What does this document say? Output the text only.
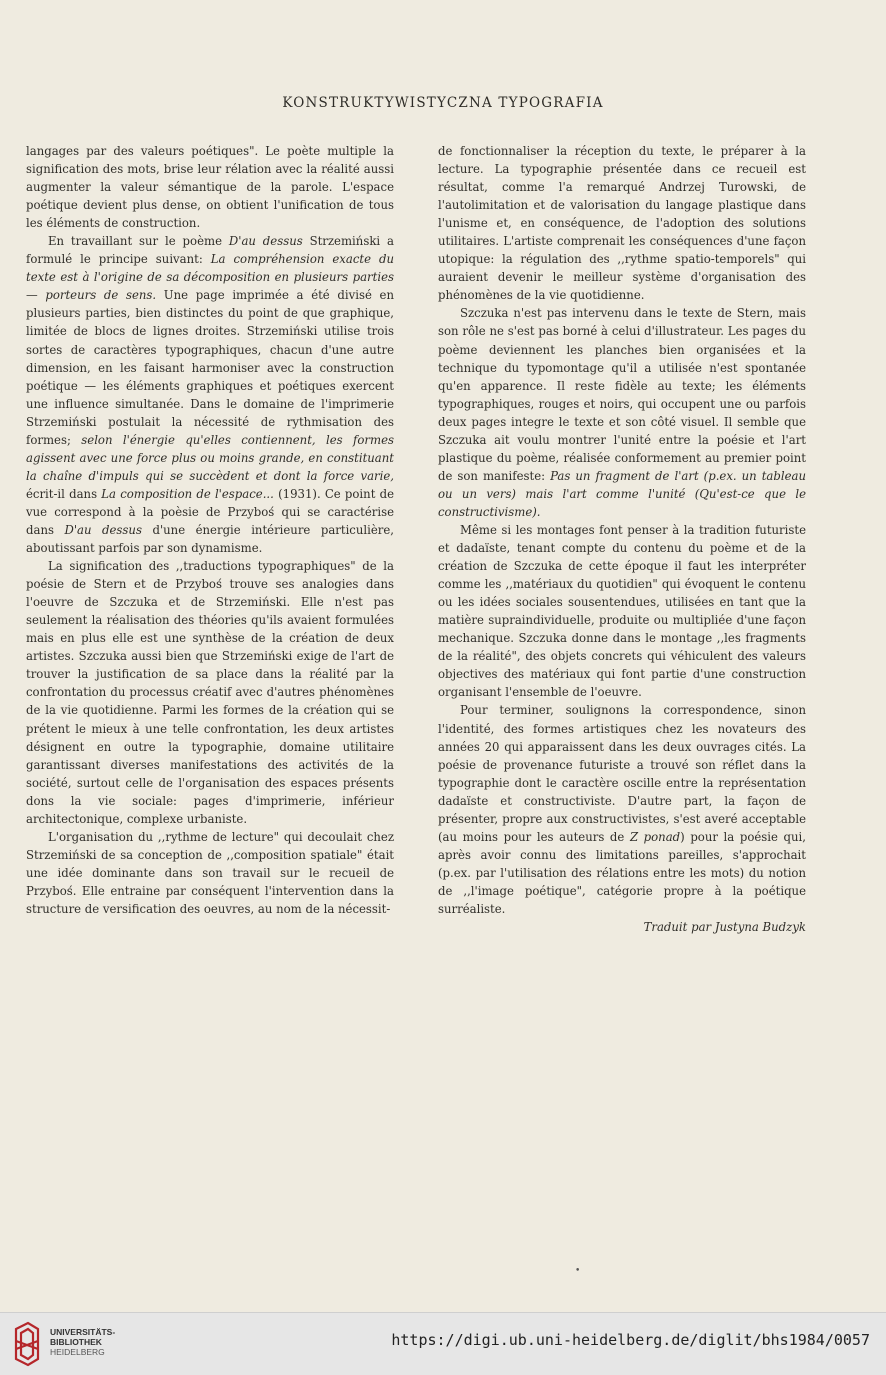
KONSTRUKTYWISTYCZNA TYPOGRAFIA

langages par des valeurs poétiques". Le poète multiple la signification des mots, brise leur rélation avec la réalité aussi augmenter la valeur sémantique de la parole. L'espace poétique devient plus dense, on obtient l'unification de tous les éléments de construction.

En travaillant sur le poème D'au dessus Strzemiński a formulé le principe suivant: La compréhension exacte du texte est à l'origine de sa décomposition en plusieurs parties — porteurs de sens. Une page imprimée a été divisé en plusieurs parties, bien distinctes du point de que graphique, limitée de blocs de lignes droites. Strzemiński utilise trois sortes de caractères typographiques, chacun d'une autre dimension, en les faisant harmoniser avec la construction poétique — les éléments graphiques et poétiques exercent une influence simultanée. Dans le domaine de l'imprimerie Strzemiński postulait la nécessité de rythmisation des formes; selon l'énergie qu'elles contiennent, les formes agissent avec une force plus ou moins grande, en constituant la chaîne d'impuls qui se succèdent et dont la force varie, écrit-il dans La composition de l'espace... (1931). Ce point de vue correspond à la poèsie de Przyboś qui se caractérise dans D'au dessus d'une énergie intérieure particulière, aboutissant parfois par son dynamisme.

La signification des ,,traductions typographiques" de la poésie de Stern et de Przyboś trouve ses analogies dans l'oeuvre de Szczuka et de Strzemiński. Elle n'est pas seulement la réalisation des théories qu'ils avaient formulées mais en plus elle est une synthèse de la création de deux artistes. Szczuka aussi bien que Strzemiński exige de l'art de trouver la justification de sa place dans la réalité par la confrontation du processus créatif avec d'autres phénomènes de la vie quotidienne. Parmi les formes de la création qui se prétent le mieux à une telle confrontation, les deux artistes désignent en outre la typographie, domaine utilitaire garantissant diverses manifestations des activités de la société, surtout celle de l'organisation des espaces présents dons la vie sociale: pages d'imprimerie, inférieur architectonique, complexe urbaniste.

L'organisation du ,,rythme de lecture" qui decoulait chez Strzemiński de sa conception de ,,composition spatiale" était une idée dominante dans son travail sur le recueil de Przyboś. Elle entraine par conséquent l'intervention dans la structure de versification des oeuvres, au nom de la nécessit-

de fonctionnaliser la réception du texte, le préparer à la lecture. La typographie présentée dans ce recueil est résultat, comme l'a remarqué Andrzej Turowski, de l'autolimitation et de valorisation du langage plastique dans l'unisme et, en conséquence, de l'adoption des solutions utilitaires. L'artiste comprenait les conséquences d'une façon utopique: la régulation des ,,rythme spatio-temporels" qui auraient devenir le meilleur système d'organisation des phénomènes de la vie quotidienne.

Szczuka n'est pas intervenu dans le texte de Stern, mais son rôle ne s'est pas borné à celui d'illustrateur. Les pages du poème deviennent les planches bien organisées et la technique du typomontage qu'il a utilisée n'est spontanée qu'en apparence. Il reste fidèle au texte; les éléments typographiques, rouges et noirs, qui occupent une ou parfois deux pages integre le texte et son côté visuel. Il semble que Szczuka ait voulu montrer l'unité entre la poésie et l'art plastique du poème, réalisée conformement au premier point de son manifeste: Pas un fragment de l'art (p.ex. un tableau ou un vers) mais l'art comme l'unité (Qu'est-ce que le constructivisme).

Même si les montages font penser à la tradition futuriste et dadaïste, tenant compte du contenu du poème et de la création de Szczuka de cette époque il faut les interpréter comme les ,,matériaux du quotidien" qui évoquent le contenu ou les idées sociales sousentendues, utilisées en tant que la matière supraindividuelle, produite ou multipliée d'une façon mechanique. Szczuka donne dans le montage ,,les fragments de la réalité", des objets concrets qui véhiculent des valeurs objectives des matériaux qui font partie d'une construction organisant l'ensemble de l'oeuvre.

Pour terminer, soulignons la correspondence, sinon l'identité, des formes artistiques chez les novateurs des années 20 qui apparaissent dans les deux ouvrages cités. La poésie de provenance futuriste a trouvé son réflet dans la typographie dont le caractère oscille entre la représentation dadaïste et constructiviste. D'autre part, la façon de présenter, propre aux constructivistes, s'est averé acceptable (au moins pour les auteurs de Z ponad) pour la poésie qui, après avoir connu des limitations pareilles, s'approchait (p.ex. par l'utilisation des rélations entre les mots) du notion de ,,l'image poétique", catégorie propre à la poétique surréaliste.

Traduit par Justyna Budzyk

•
UNIVERSITÄTS-
BIBLIOTHEK
HEIDELBERG
https://digi.ub.uni-heidelberg.de/diglit/bhs1984/0057
